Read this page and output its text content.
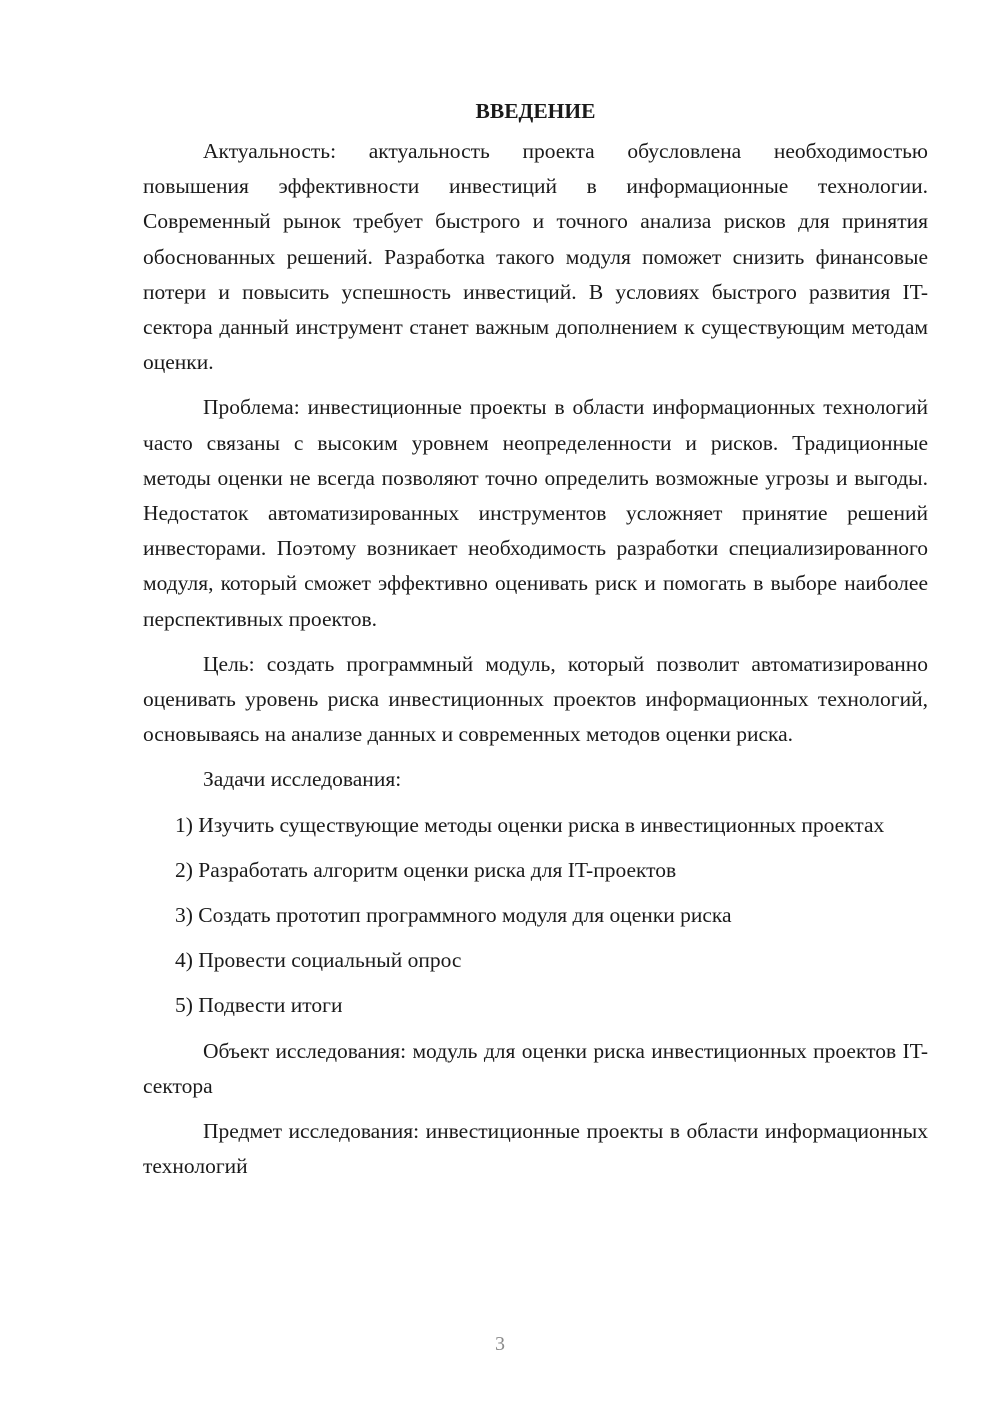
ВВЕДЕНИЕ

Актуальность: актуальность проекта обусловлена необходимостью повышения эффективности инвестиций в информационные технологии. Современный рынок требует быстрого и точного анализа рисков для принятия обоснованных решений. Разработка такого модуля поможет снизить финансовые потери и повысить успешность инвестиций. В условиях быстрого развития IT-сектора данный инструмент станет важным дополнением к существующим методам оценки.

Проблема: инвестиционные проекты в области информационных технологий часто связаны с высоким уровнем неопределенности и рисков. Традиционные методы оценки не всегда позволяют точно определить возможные угрозы и выгоды. Недостаток автоматизированных инструментов усложняет принятие решений инвесторами. Поэтому возникает необходимость разработки специализированного модуля, который сможет эффективно оценивать риск и помогать в выборе наиболее перспективных проектов.

Цель: создать программный модуль, который позволит автоматизированно оценивать уровень риска инвестиционных проектов информационных технологий, основываясь на анализе данных и современных методов оценки риска.

Задачи исследования:

1) Изучить существующие методы оценки риска в инвестиционных проектах

2) Разработать алгоритм оценки риска для IT-проектов

3) Создать прототип программного модуля для оценки риска

4) Провести социальный опрос

5) Подвести итоги

Объект исследования: модуль для оценки риска инвестиционных проектов IT-сектора

Предмет исследования: инвестиционные проекты в области информационных технологий

3
